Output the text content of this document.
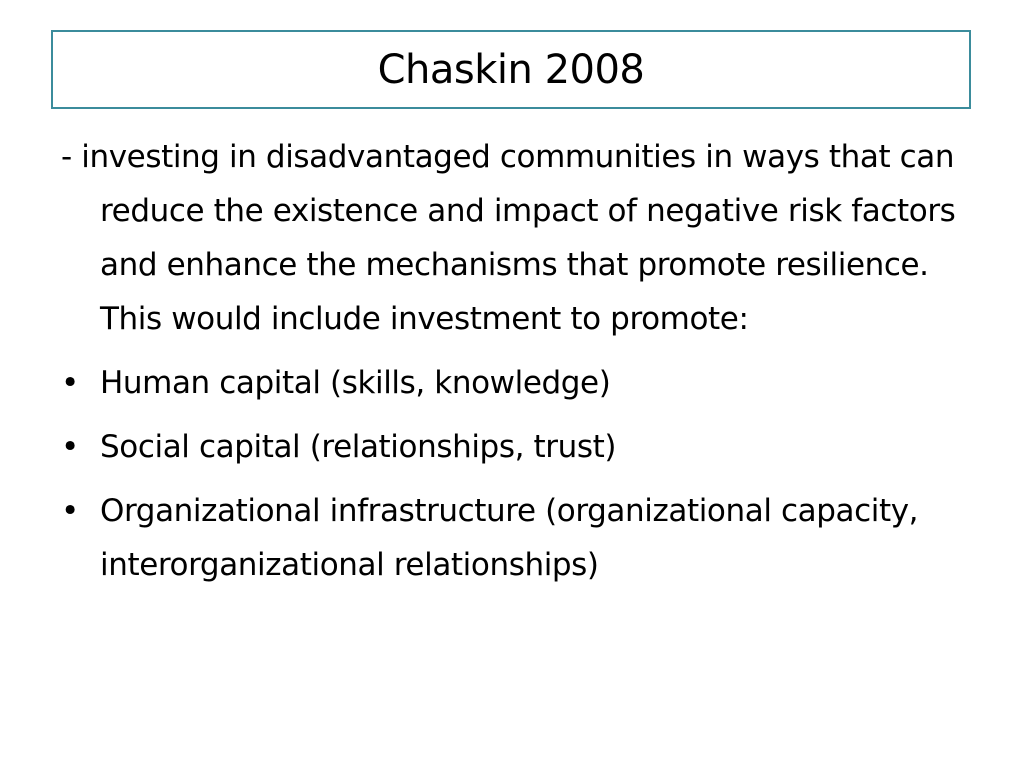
Chaskin 2008

- investing in disadvantaged communities in ways that can reduce the existence and impact of negative risk factors and enhance the mechanisms that promote resilience. This would include investment to promote:

• Human capital (skills, knowledge)
• Social capital (relationships, trust)
• Organizational infrastructure (organizational capacity, interorganizational relationships)
